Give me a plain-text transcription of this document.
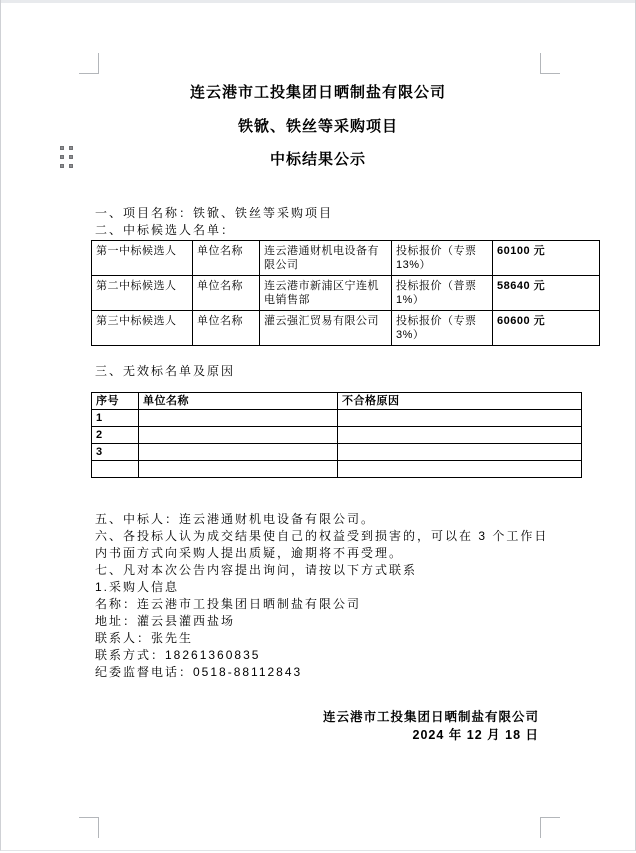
连云港市工投集团日晒制盐有限公司
铁锨、铁丝等采购项目
中标结果公示
一、项目名称：铁锨、铁丝等采购项目
二、中标候选人名单：
第一中标候选人	单位名称	连云港通财机电设备有限公司	投标报价（专票 13%）	60100 元
第二中标候选人	单位名称	连云港市新浦区宁连机电销售部	投标报价（普票 1%）	58640 元
第三中标候选人	单位名称	灌云强汇贸易有限公司	投标报价（专票 3%）	60600 元
三、无效标名单及原因
序号	单位名称	不合格原因
1		
2		
3		

五、中标人：连云港通财机电设备有限公司。

六、各投标人认为成交结果使自己的权益受到损害的，可以在 3 个工作日内书面方式向采购人提出质疑，逾期将不再受理。

七、凡对本次公告内容提出询问，请按以下方式联系

1.采购人信息

名称：连云港市工投集团日晒制盐有限公司

地址：灌云县灌西盐场

联系人：张先生

联系方式：18261360835

纪委监督电话：0518-88112843

连云港市工投集团日晒制盐有限公司
2024 年 12 月 18 日
